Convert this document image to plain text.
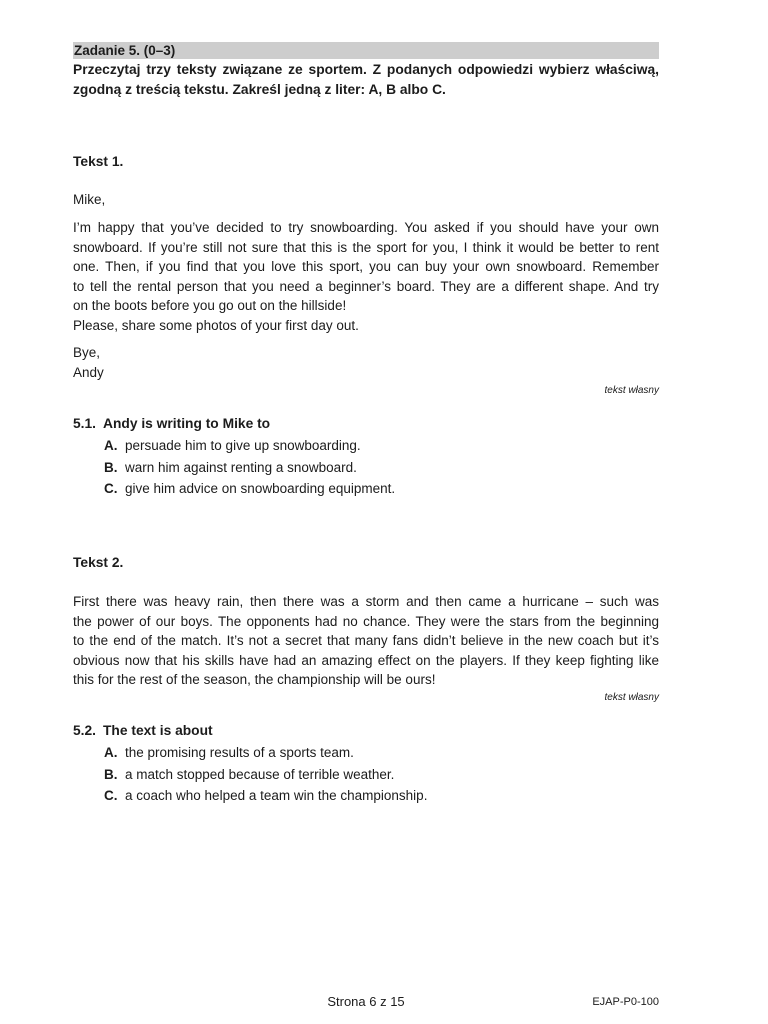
Zadanie 5. (0–3)
Przeczytaj trzy teksty związane ze sportem. Z podanych odpowiedzi wybierz właściwą,
zgodną z treścią tekstu. Zakreśl jedną z liter: A, B albo C.
Tekst 1.
Mike,
I’m happy that you’ve decided to try snowboarding. You asked if you should have your own
snowboard. If you’re still not sure that this is the sport for you, I think it would be better to rent
one. Then, if you find that you love this sport, you can buy your own snowboard. Remember
to tell the rental person that you need a beginner’s board. They are a different shape. And try
on the boots before you go out on the hillside!
Please, share some photos of your first day out.
Bye,
Andy
tekst własny
5.1. Andy is writing to Mike to
A. persuade him to give up snowboarding.
B. warn him against renting a snowboard.
C. give him advice on snowboarding equipment.
Tekst 2.
First there was heavy rain, then there was a storm and then came a hurricane – such was
the power of our boys. The opponents had no chance. They were the stars from the beginning
to the end of the match. It’s not a secret that many fans didn’t believe in the new coach but it’s
obvious now that his skills have had an amazing effect on the players. If they keep fighting like
this for the rest of the season, the championship will be ours!
tekst własny
5.2. The text is about
A. the promising results of a sports team.
B. a match stopped because of terrible weather.
C. a coach who helped a team win the championship.
Strona 6 z 15	EJAP-P0-100
